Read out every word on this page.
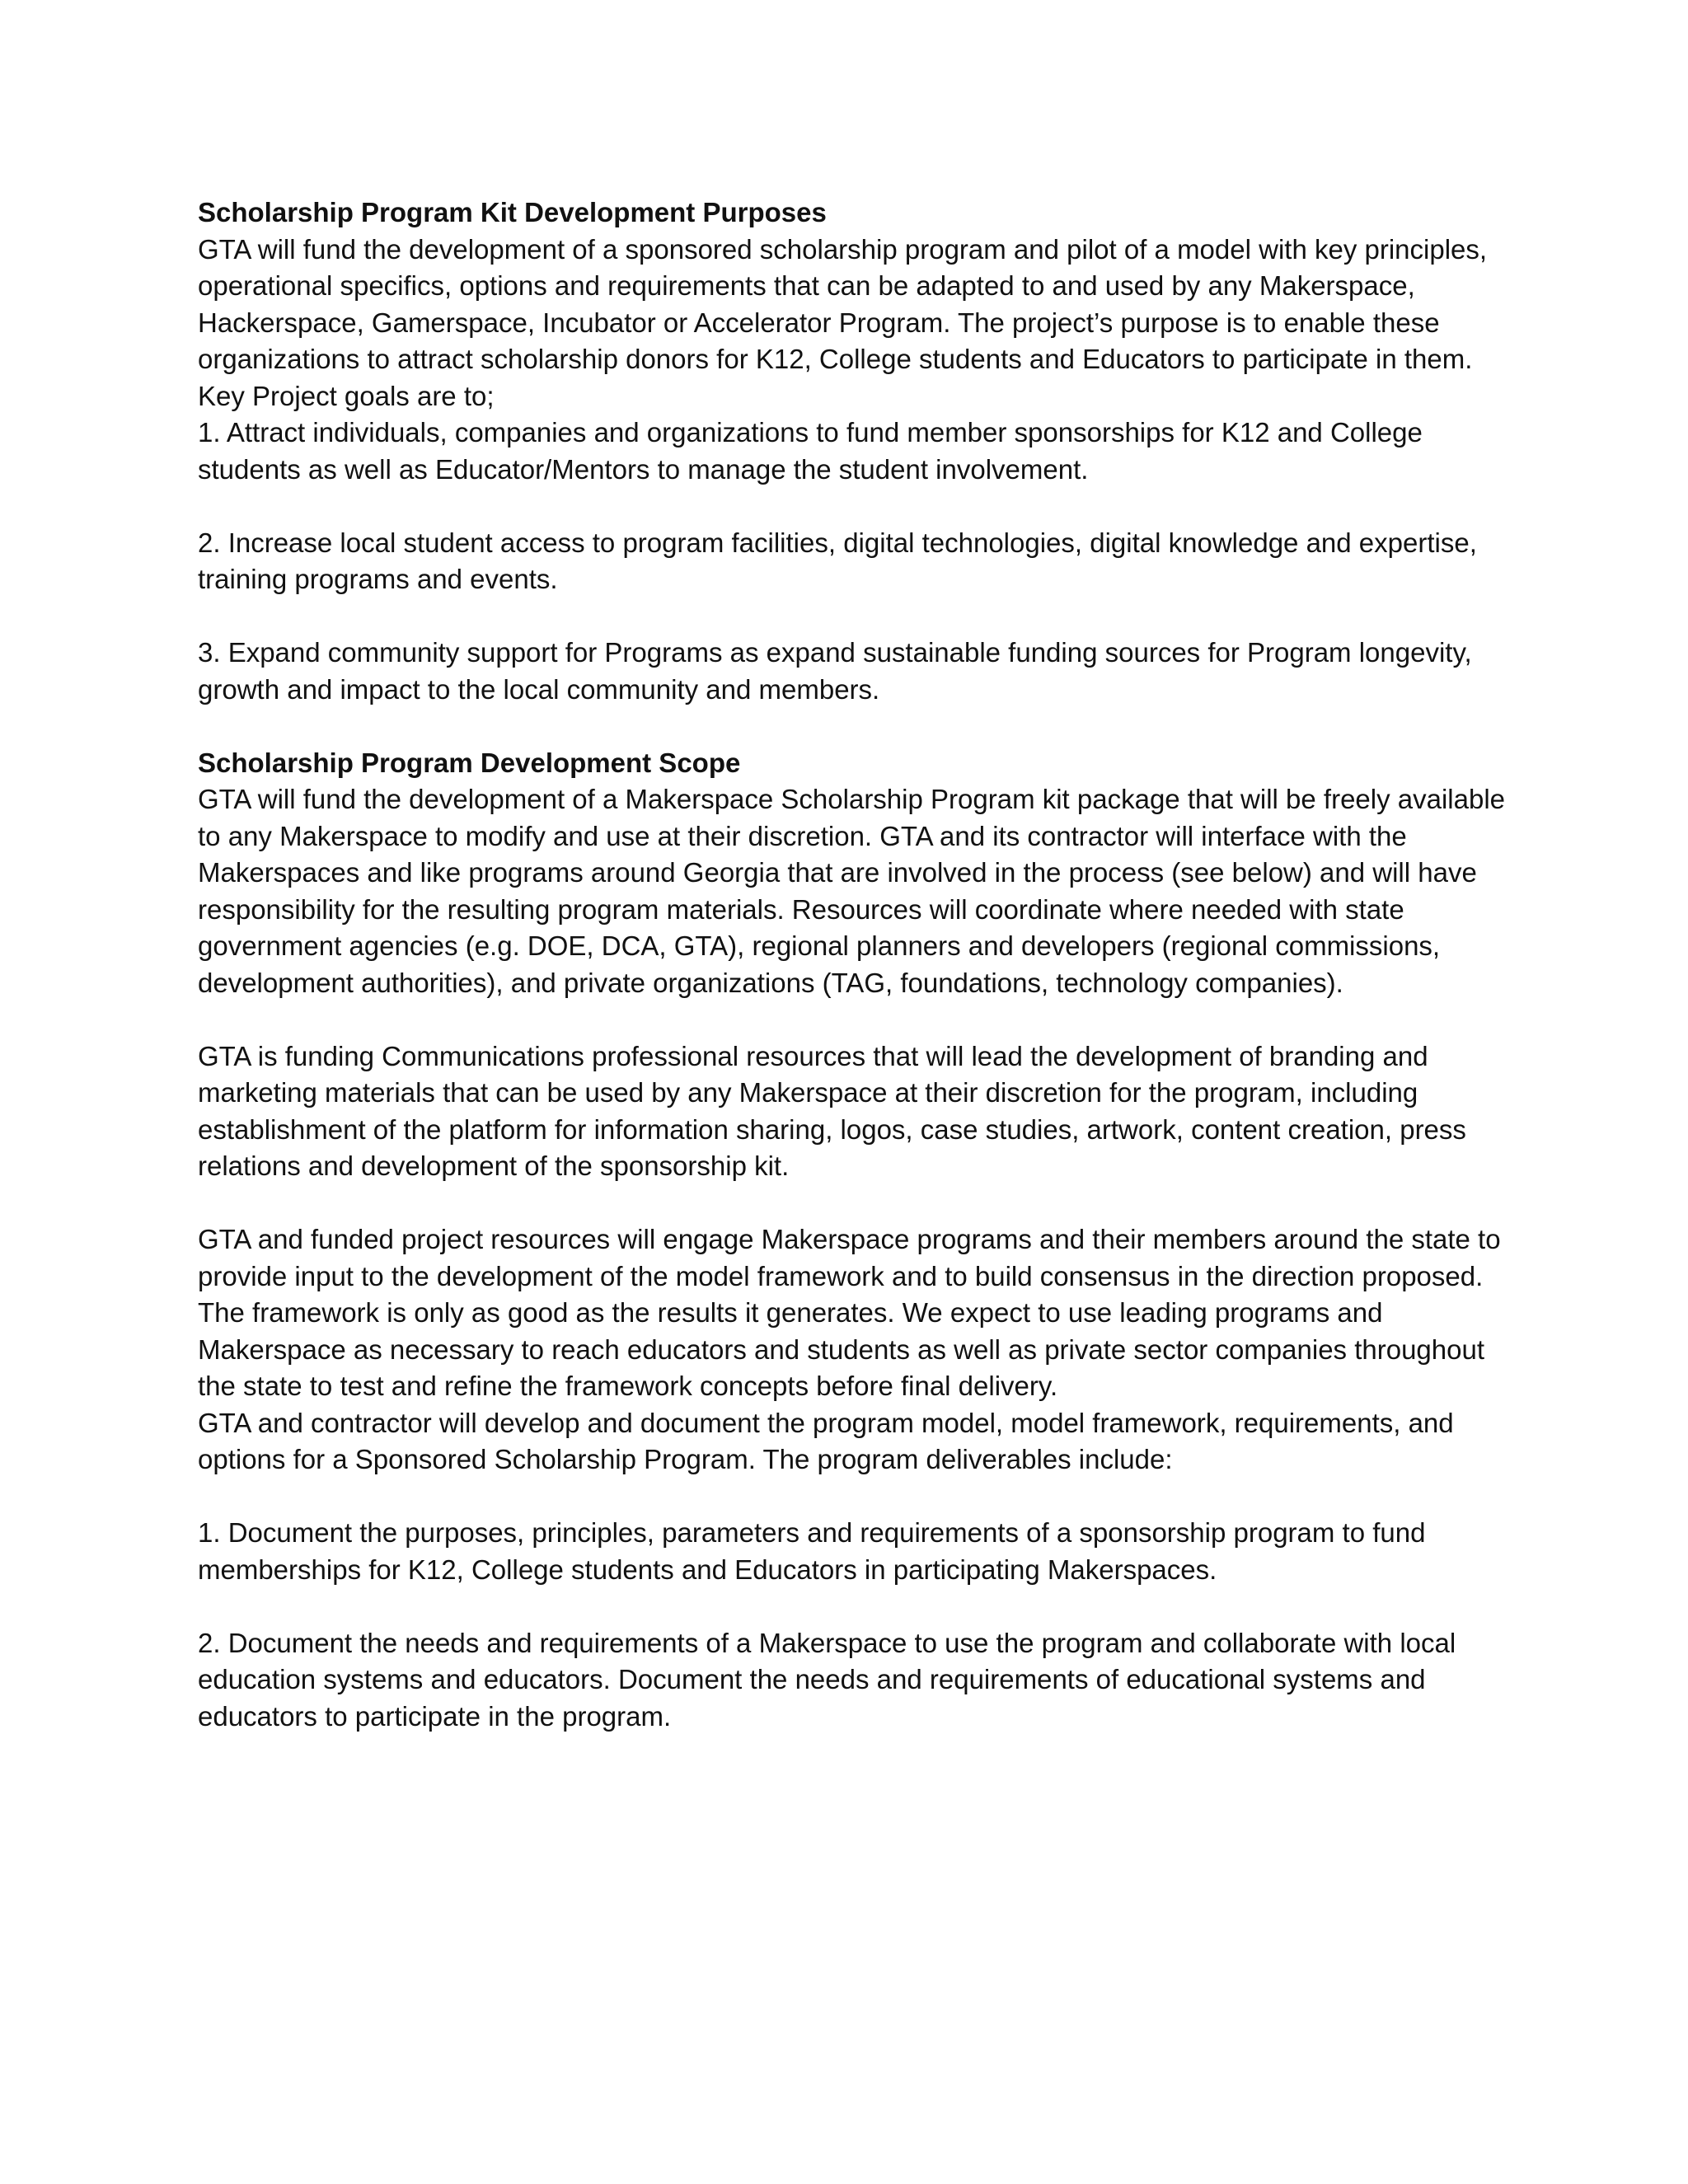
Scholarship Program Kit Development Purposes

GTA will fund the development of a sponsored scholarship program and pilot of a model with key principles, operational specifics, options and requirements that can be adapted to and used by any Makerspace, Hackerspace, Gamerspace, Incubator or Accelerator Program. The project’s purpose is to enable these organizations to attract scholarship donors for K12, College students and Educators to participate in them. Key Project goals are to;

1. Attract individuals, companies and organizations to fund member sponsorships for K12 and College students as well as Educator/Mentors to manage the student involvement.

2. Increase local student access to program facilities, digital technologies, digital knowledge and expertise, training programs and events.

3. Expand community support for Programs as expand sustainable funding sources for Program longevity, growth and impact to the local community and members.

Scholarship Program Development Scope

GTA will fund the development of a Makerspace Scholarship Program kit package that will be freely available to any Makerspace to modify and use at their discretion. GTA and its contractor will interface with the Makerspaces and like programs around Georgia that are involved in the process (see below) and will have responsibility for the resulting program materials. Resources will coordinate where needed with state government agencies (e.g. DOE, DCA, GTA), regional planners and developers (regional commissions, development authorities), and private organizations (TAG, foundations, technology companies).

GTA is funding Communications professional resources that will lead the development of branding and marketing materials that can be used by any Makerspace at their discretion for the program, including establishment of the platform for information sharing, logos, case studies, artwork, content creation, press relations and development of the sponsorship kit.

GTA and funded project resources will engage Makerspace programs and their members around the state to provide input to the development of the model framework and to build consensus in the direction proposed. The framework is only as good as the results it generates. We expect to use leading programs and Makerspace as necessary to reach educators and students as well as private sector companies throughout the state to test and refine the framework concepts before final delivery.

GTA and contractor will develop and document the program model, model framework, requirements, and options for a Sponsored Scholarship Program. The program deliverables include:

1. Document the purposes, principles, parameters and requirements of a sponsorship program to fund memberships for K12, College students and Educators in participating Makerspaces.

2. Document the needs and requirements of a Makerspace to use the program and collaborate with local education systems and educators. Document the needs and requirements of educational systems and educators to participate in the program.
